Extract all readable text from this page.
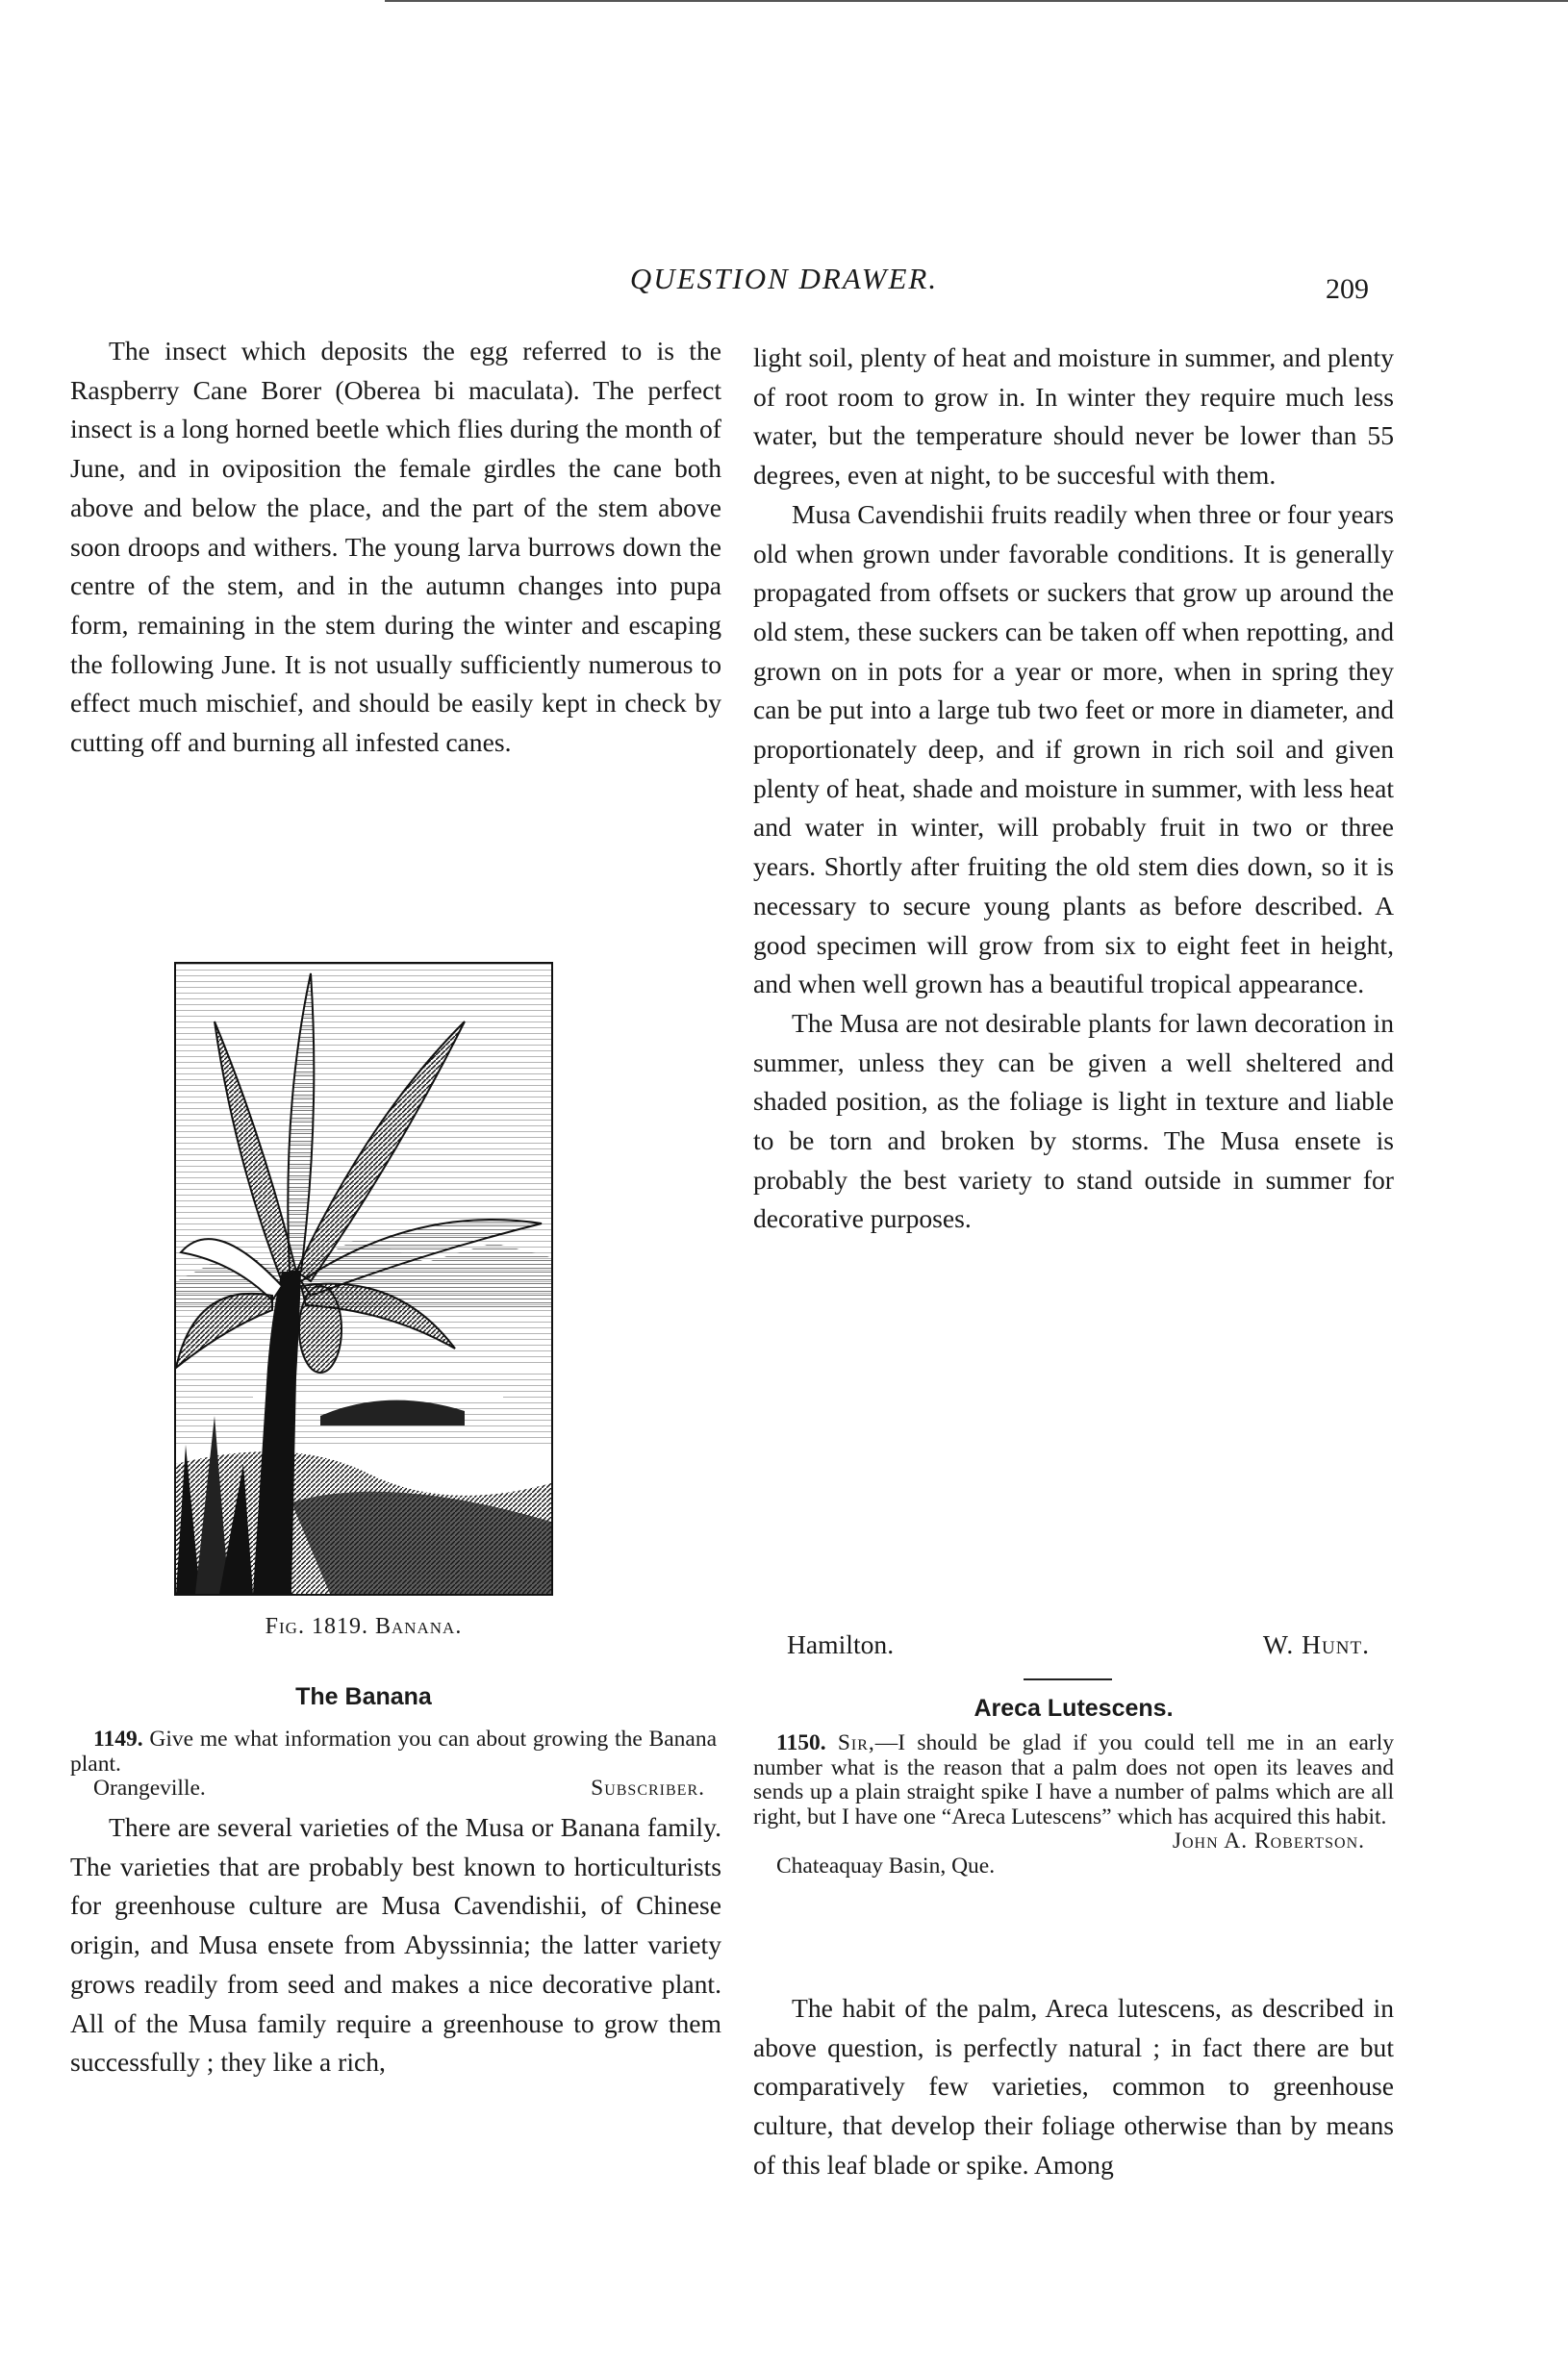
QUESTION DRAWER.	209

The insect which deposits the egg referred to is the Raspberry Cane Borer (Oberea bi maculata). The perfect insect is a long horned beetle which flies during the month of June, and in oviposition the female girdles the cane both above and below the place, and the part of the stem above soon droops and withers. The young larva burrows down the centre of the stem, and in the autumn changes into pupa form, remaining in the stem during the winter and escaping the following June. It is not usually sufficiently numerous to effect much mischief, and should be easily kept in check by cutting off and burning all infested canes.

Fig. 1819. Banana.
The Banana
1149. Give me what information you can about growing the Banana plant.
Orangeville.	Subscriber.

There are several varieties of the Musa or Banana family. The varieties that are probably best known to horticulturists for greenhouse culture are Musa Cavendishii, of Chinese origin, and Musa ensete from Abyssinnia; the latter variety grows readily from seed and makes a nice decorative plant. All of the Musa family require a greenhouse to grow them successfully ; they like a rich,

light soil, plenty of heat and moisture in summer, and plenty of root room to grow in. In winter they require much less water, but the temperature should never be lower than 55 degrees, even at night, to be succesful with them.

Musa Cavendishii fruits readily when three or four years old when grown under favorable conditions. It is generally propagated from offsets or suckers that grow up around the old stem, these suckers can be taken off when repotting, and grown on in pots for a year or more, when in spring they can be put into a large tub two feet or more in diameter, and proportionately deep, and if grown in rich soil and given plenty of heat, shade and moisture in summer, with less heat and water in winter, will probably fruit in two or three years. Shortly after fruiting the old stem dies down, so it is necessary to secure young plants as before described. A good specimen will grow from six to eight feet in height, and when well grown has a beautiful tropical appearance.

The Musa are not desirable plants for lawn decoration in summer, unless they can be given a well sheltered and shaded position, as the foliage is light in texture and liable to be torn and broken by storms. The Musa ensete is probably the best variety to stand outside in summer for decorative purposes.

Hamilton.	W. Hunt.
Areca Lutescens.
1150. Sir,—I should be glad if you could tell me in an early number what is the reason that a palm does not open its leaves and sends up a plain straight spike I have a number of palms which are all right, but I have one “Areca Lutescens” which has acquired this habit.
John A. Robertson.
Chateaquay Basin, Que.

The habit of the palm, Areca lutescens, as described in above question, is perfectly natural ; in fact there are but comparatively few varieties, common to greenhouse culture, that develop their foliage otherwise than by means of this leaf blade or spike. Among
